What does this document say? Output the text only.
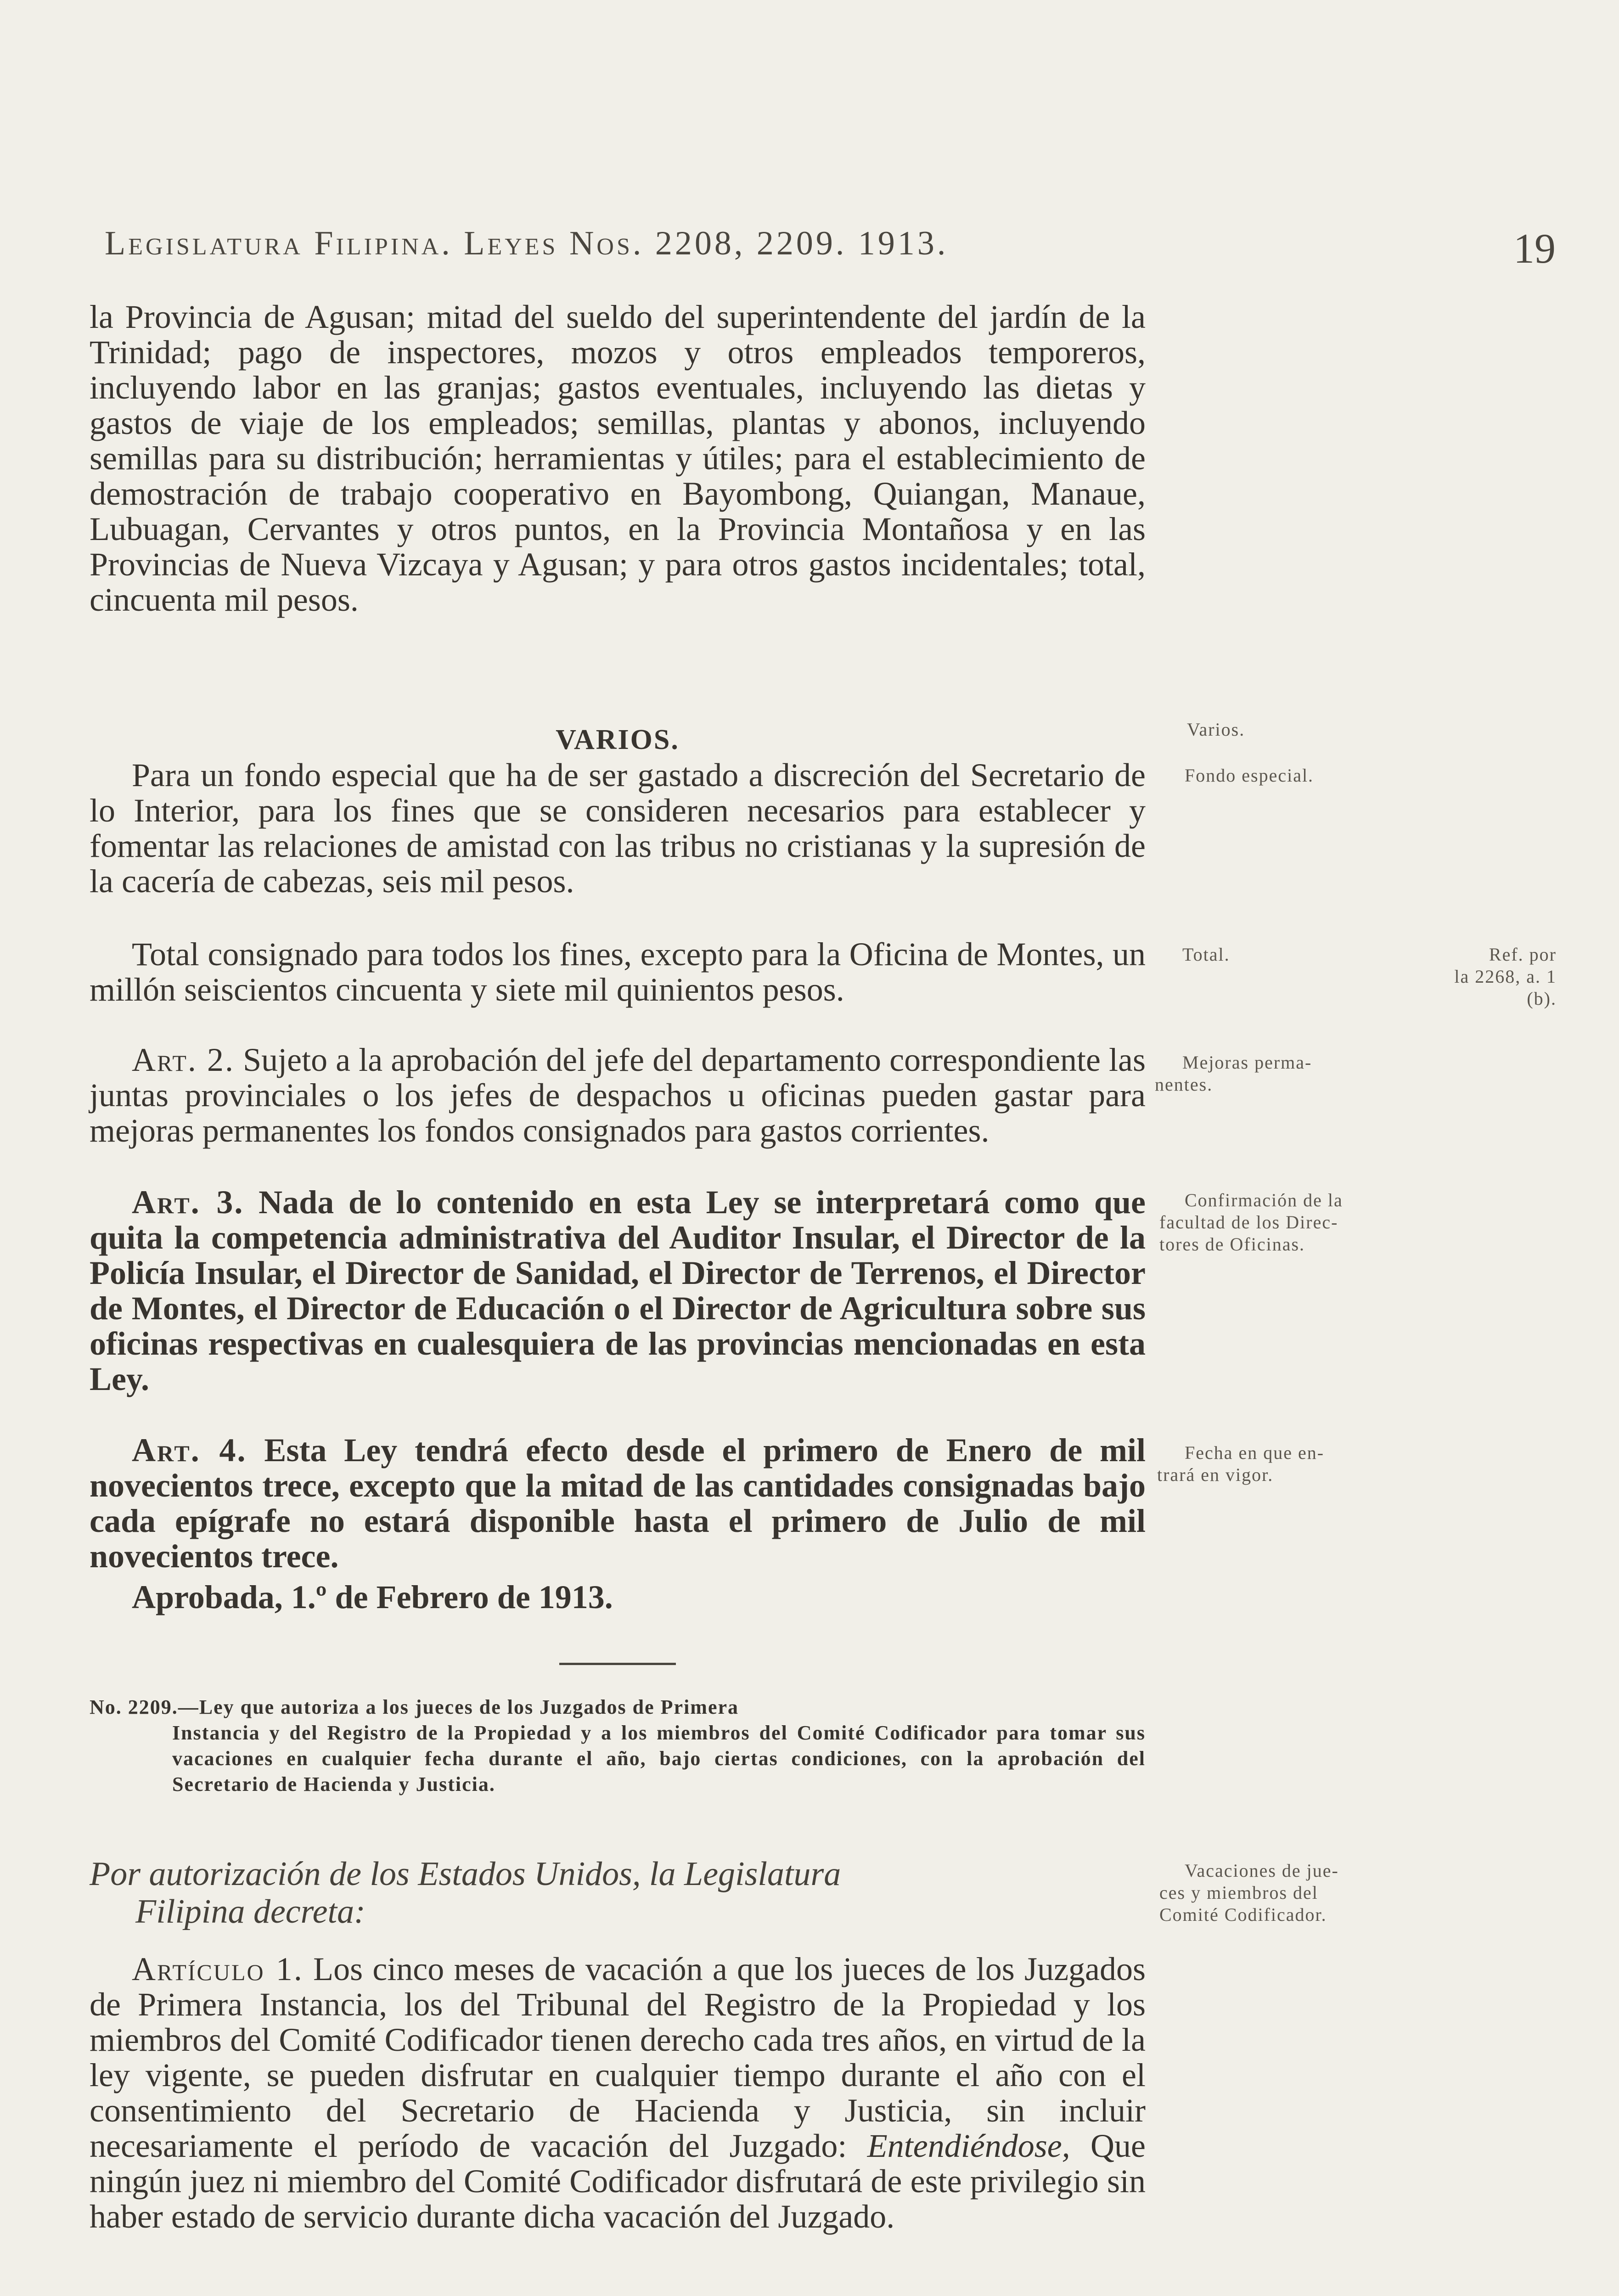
Legislatura Filipina. Leyes Nos. 2208, 2209. 1913.	19

la Provincia de Agusan; mitad del sueldo del superintendente del jardín de la Trinidad; pago de inspectores, mozos y otros empleados temporeros, incluyendo labor en las granjas; gastos eventuales, incluyendo las dietas y gastos de viaje de los empleados; semillas, plantas y abonos, incluyendo semillas para su distribución; herramientas y útiles; para el establecimiento de demostración de trabajo cooperativo en Bayombong, Quiangan, Manaue, Lubuagan, Cervantes y otros puntos, en la Provincia Montañosa y en las Provincias de Nueva Vizcaya y Agusan; y para otros gastos incidentales; total, cincuenta mil pesos.

VARIOS.

Para un fondo especial que ha de ser gastado a discreción del Secretario de lo Interior, para los fines que se consideren necesarios para establecer y fomentar las relaciones de amistad con las tribus no cristianas y la supresión de la cacería de cabezas, seis mil pesos.

Total consignado para todos los fines, excepto para la Oficina de Montes, un millón seiscientos cincuenta y siete mil quinientos pesos.

Art. 2. Sujeto a la aprobación del jefe del departamento correspondiente las juntas provinciales o los jefes de despachos u oficinas pueden gastar para mejoras permanentes los fondos consignados para gastos corrientes.

Art. 3. Nada de lo contenido en esta Ley se interpretará como que quita la competencia administrativa del Auditor Insular, el Director de la Policía Insular, el Director de Sanidad, el Director de Terrenos, el Director de Montes, el Director de Educación o el Director de Agricultura sobre sus oficinas respectivas en cualesquiera de las provincias mencionadas en esta Ley.

Art. 4. Esta Ley tendrá efecto desde el primero de Enero de mil novecientos trece, excepto que la mitad de las cantidades consignadas bajo cada epígrafe no estará disponible hasta el primero de Julio de mil novecientos trece.

Aprobada, 1.º de Febrero de 1913.

No. 2209.—Ley que autoriza a los jueces de los Juzgados de Primera
Instancia y del Registro de la Propiedad y a los miembros del Comité Codificador para tomar sus vacaciones en cualquier fecha durante el año, bajo ciertas condiciones, con la aprobación del Secretario de Hacienda y Justicia.
Por autorización de los Estados Unidos, la Legislatura
Filipina decreta:

Artículo 1. Los cinco meses de vacación a que los jueces de los Juzgados de Primera Instancia, los del Tribunal del Registro de la Propiedad y los miembros del Comité Codificador tienen derecho cada tres años, en virtud de la ley vigente, se pueden disfrutar en cualquier tiempo durante el año con el consentimiento del Secretario de Hacienda y Justicia, sin incluir necesariamente el período de vacación del Juzgado: Entendiéndose, Que ningún juez ni miembro del Comité Codificador disfrutará de este privilegio sin haber estado de servicio durante dicha vacación del Juzgado.

Varios.
Fondo especial.
Total.	Ref. por
la 2268, a. 1
(b).
Mejoras perma-
nentes.
Confirmación de la
facultad de los Direc-
tores de Oficinas.
Fecha en que en-
trará en vigor.
Vacaciones de jue-
ces y miembros del
Comité Codificador.
